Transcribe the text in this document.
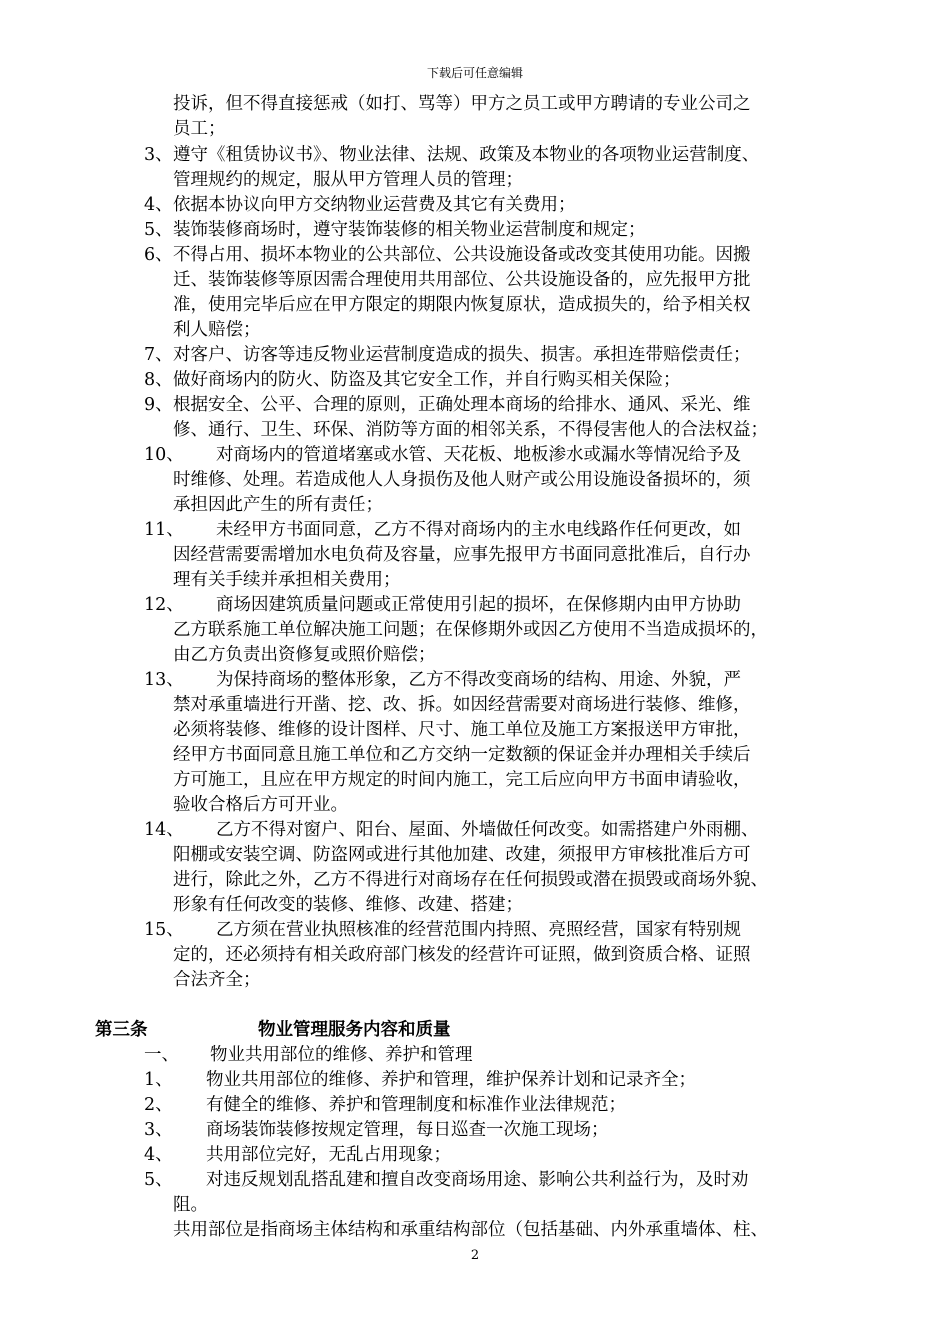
下载后可任意编辑
投诉，但不得直接惩戒（如打、骂等）甲方之员工或甲方聘请的专业公司之
员工；
3、 遵守《租赁协议书》、物业法律、法规、政策及本物业的各项物业运营制度、
管理规约的规定，服从甲方管理人员的管理；
4、 依据本协议向甲方交纳物业运营费及其它有关费用；
5、 装饰装修商场时，遵守装饰装修的相关物业运营制度和规定；
6、 不得占用、损坏本物业的公共部位、公共设施设备或改变其使用功能。因搬
迁、装饰装修等原因需合理使用共用部位、公共设施设备的，应先报甲方批
准，使用完毕后应在甲方限定的期限内恢复原状，造成损失的，给予相关权
利人赔偿；
7、 对客户、访客等违反物业运营制度造成的损失、损害。承担连带赔偿责任；
8、 做好商场内的防火、防盗及其它安全工作，并自行购买相关保险；
9、 根据安全、公平、合理的原则，正确处理本商场的给排水、通风、采光、维
修、通行、卫生、环保、消防等方面的相邻关系，不得侵害他人的合法权益；
10、 对商场内的管道堵塞或水管、天花板、地板渗水或漏水等情况给予及
时维修、处理。若造成他人人身损伤及他人财产或公用设施设备损坏的，须
承担因此产生的所有责任；
11、 未经甲方书面同意，乙方不得对商场内的主水电线路作任何更改，如
因经营需要需增加水电负荷及容量，应事先报甲方书面同意批准后，自行办
理有关手续并承担相关费用；
12、 商场因建筑质量问题或正常使用引起的损坏，在保修期内由甲方协助
乙方联系施工单位解决施工问题；在保修期外或因乙方使用不当造成损坏的，
由乙方负责出资修复或照价赔偿；
13、 为保持商场的整体形象，乙方不得改变商场的结构、用途、外貌，严
禁对承重墙进行开凿、挖、改、拆。如因经营需要对商场进行装修、维修，
必须将装修、维修的设计图样、尺寸、施工单位及施工方案报送甲方审批，
经甲方书面同意且施工单位和乙方交纳一定数额的保证金并办理相关手续后
方可施工，且应在甲方规定的时间内施工，完工后应向甲方书面申请验收，
验收合格后方可开业。
14、 乙方不得对窗户、阳台、屋面、外墙做任何改变。如需搭建户外雨棚、
阳棚或安装空调、防盗网或进行其他加建、改建，须报甲方审核批准后方可
进行，除此之外，乙方不得进行对商场存在任何损毁或潜在损毁或商场外貌、
形象有任何改变的装修、维修、改建、搭建；
15、 乙方须在营业执照核准的经营范围内持照、亮照经营，国家有特别规
定的，还必须持有相关政府部门核发的经营许可证照，做到资质合格、证照
合法齐全；
第三条	物业管理服务内容和质量
一、 物业共用部位的维修、养护和管理
1、 物业共用部位的维修、养护和管理，维护保养计划和记录齐全；
2、 有健全的维修、养护和管理制度和标准作业法律规范；
3、 商场装饰装修按规定管理，每日巡查一次施工现场；
4、 共用部位完好，无乱占用现象；
5、 对违反规划乱搭乱建和擅自改变商场用途、影响公共利益行为，及时劝
阻。
共用部位是指商场主体结构和承重结构部位（包括基础、内外承重墙体、柱、
2
